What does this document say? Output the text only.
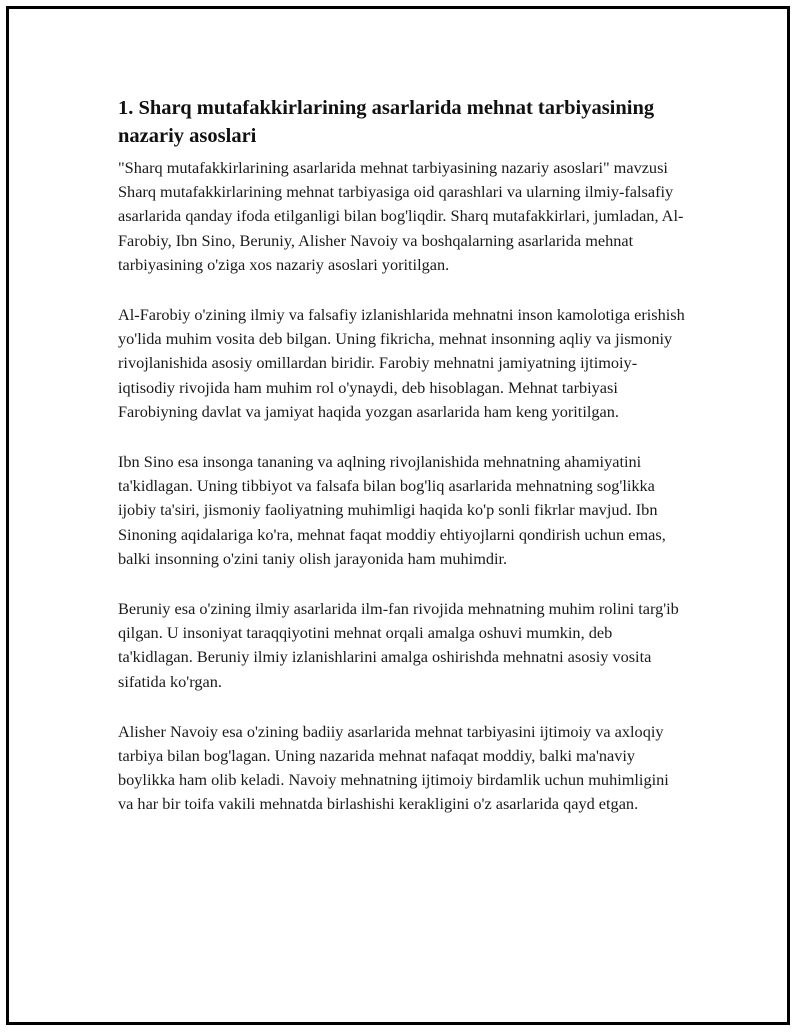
1. Sharq mutafakkirlarining asarlarida mehnat tarbiyasining nazariy asoslari

"Sharq mutafakkirlarining asarlarida mehnat tarbiyasining nazariy asoslari" mavzusi Sharq mutafakkirlarining mehnat tarbiyasiga oid qarashlari va ularning ilmiy-falsafiy asarlarida qanday ifoda etilganligi bilan bog'liqdir. Sharq mutafakkirlari, jumladan, Al-Farobiy, Ibn Sino, Beruniy, Alisher Navoiy va boshqalarning asarlarida mehnat tarbiyasining o'ziga xos nazariy asoslari yoritilgan.

Al-Farobiy o'zining ilmiy va falsafiy izlanishlarida mehnatni inson kamolotiga erishish yo'lida muhim vosita deb bilgan. Uning fikricha, mehnat insonning aqliy va jismoniy rivojlanishida asosiy omillardan biridir. Farobiy mehnatni jamiyatning ijtimoiy-iqtisodiy rivojida ham muhim rol o'ynaydi, deb hisoblagan. Mehnat tarbiyasi Farobiyning davlat va jamiyat haqida yozgan asarlarida ham keng yoritilgan.

Ibn Sino esa insonga tananing va aqlning rivojlanishida mehnatning ahamiyatini ta'kidlagan. Uning tibbiyot va falsafa bilan bog'liq asarlarida mehnatning sog'likka ijobiy ta'siri, jismoniy faoliyatning muhimligi haqida ko'p sonli fikrlar mavjud. Ibn Sinoning aqidalariga ko'ra, mehnat faqat moddiy ehtiyojlarni qondirish uchun emas, balki insonning o'zini taniy olish jarayonida ham muhimdir.

Beruniy esa o'zining ilmiy asarlarida ilm-fan rivojida mehnatning muhim rolini targ'ib qilgan. U insoniyat taraqqiyotini mehnat orqali amalga oshuvi mumkin, deb ta'kidlagan. Beruniy ilmiy izlanishlarini amalga oshirishda mehnatni asosiy vosita sifatida ko'rgan.

Alisher Navoiy esa o'zining badiiy asarlarida mehnat tarbiyasini ijtimoiy va axloqiy tarbiya bilan bog'lagan. Uning nazarida mehnat nafaqat moddiy, balki ma'naviy boylikka ham olib keladi. Navoiy mehnatning ijtimoiy birdamlik uchun muhimligini va har bir toifa vakili mehnatda birlashishi kerakligini o'z asarlarida qayd etgan.
